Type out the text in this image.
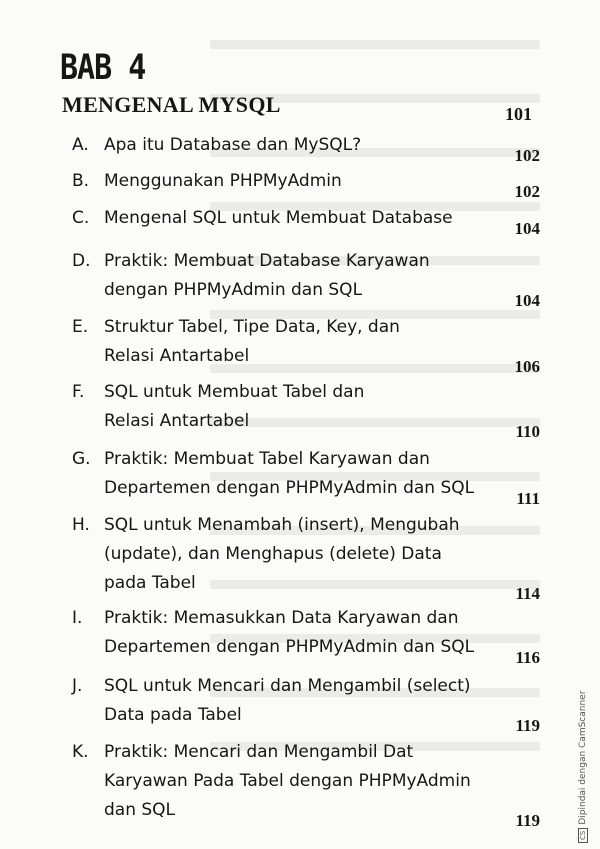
BAB 4
MENGENAL MYSQL	101
A. Apa itu Database dan MySQL?
102
B. Menggunakan PHPMyAdmin
102
C. Mengenal SQL untuk Membuat Database
104
D. Praktik: Membuat Database Karyawan
dengan PHPMyAdmin dan SQL
104
E. Struktur Tabel, Tipe Data, Key, dan
Relasi Antartabel
106
F. SQL untuk Membuat Tabel dan
Relasi Antartabel
110
G. Praktik: Membuat Tabel Karyawan dan
Departemen dengan PHPMyAdmin dan SQL
111
H. SQL untuk Menambah (insert), Mengubah
(update), dan Menghapus (delete) Data
pada Tabel
114
I. Praktik: Memasukkan Data Karyawan dan
Departemen dengan PHPMyAdmin dan SQL
116
J. SQL untuk Mencari dan Mengambil (select)
Data pada Tabel
119
K. Praktik: Mencari dan Mengambil Dat
Karyawan Pada Tabel dengan PHPMyAdmin
dan SQL
119
CSDipindai dengan CamScanner
